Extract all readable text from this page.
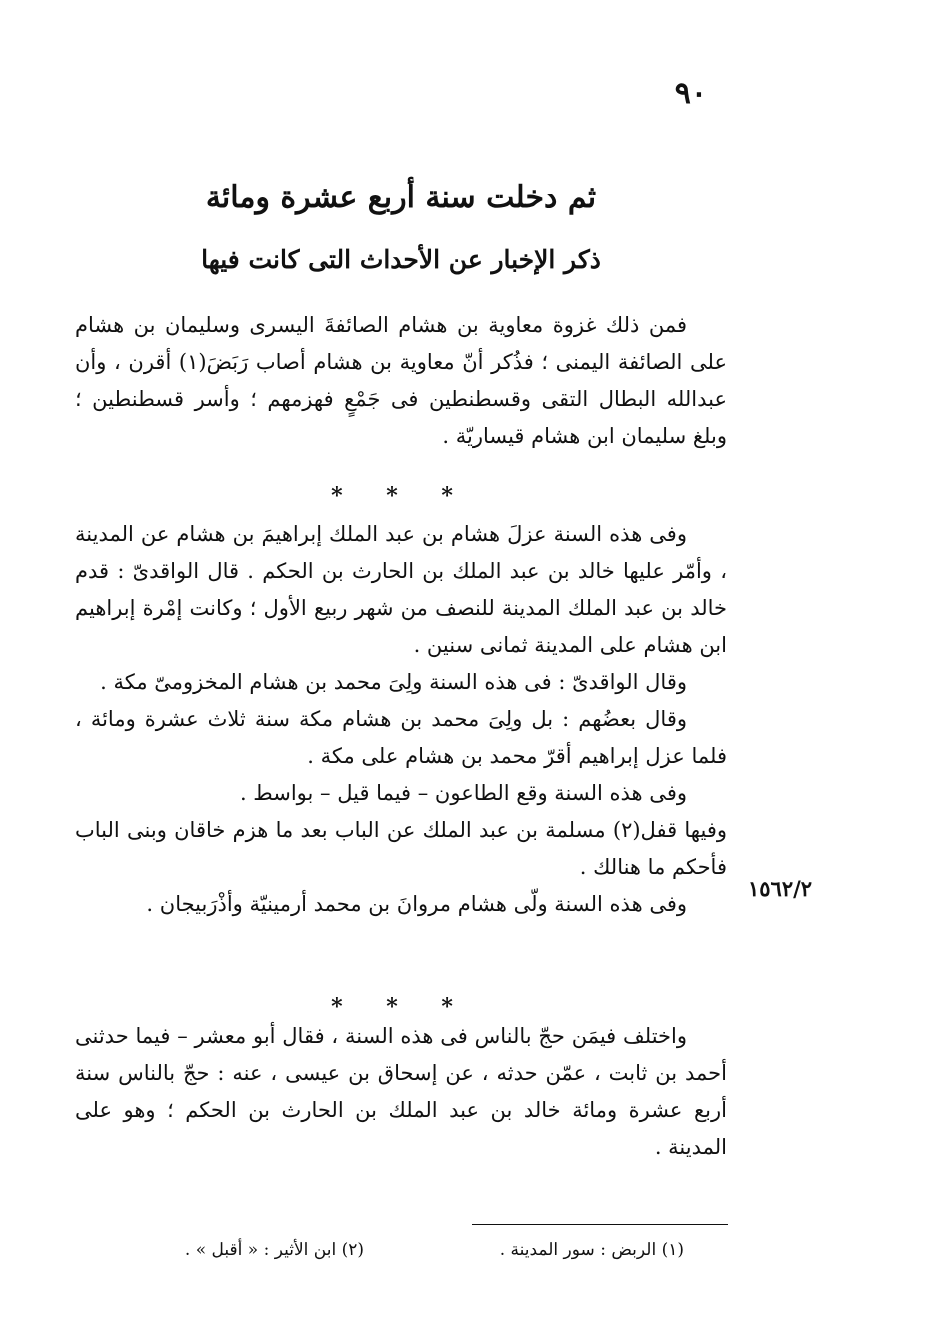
٩٠
ثم دخلت سنة أربع عشرة ومائة
ذكر الإخبار عن الأحداث التى كانت فيها

فمن ذلك غزوة معاوية بن هشام الصائفةَ اليسرى وسليمان بن هشام على الصائفة اليمنى ؛ فذُكر أنّ معاوية بن هشام أصاب رَبَضَ(١) أقرن ، وأن عبدالله البطال التقى وقسطنطين فى جَمْعٍ فهزمهم ؛ وأسر قسطنطين ؛ وبلغ سليمان ابن هشام قيساريّة .

* * *

وفى هذه السنة عزلَ هشام بن عبد الملك إبراهيمَ بن هشام عن المدينة ، وأمّر عليها خالد بن عبد الملك بن الحارث بن الحكم . قال الواقدىّ : قدم خالد بن عبد الملك المدينة للنصف من شهر ربيع الأول ؛ وكانت إمْرة إبراهيم ابن هشام على المدينة ثمانى سنين .

وقال الواقدىّ : فى هذه السنة ولِىَ محمد بن هشام المخزومىّ مكة .

وقال بعضُهم : بل ولِىَ محمد بن هشام مكة سنة ثلاث عشرة ومائة ، فلما عزل إبراهيم أقرّ محمد بن هشام على مكة .

وفى هذه السنة وقع الطاعون – فيما قيل – بواسط .

وفيها قفل(٢) مسلمة بن عبد الملك عن الباب بعد ما هزم خاقان وبنى الباب فأحكم ما هنالك .

وفى هذه السنة ولّى هشام مروانَ بن محمد أرمينيّة وأذْرَبيجان .

* * *

واختلف فيمَن حجّ بالناس فى هذه السنة ، فقال أبو معشر – فيما حدثنى أحمد بن ثابت ، عمّن حدثه ، عن إسحاق بن عيسى ، عنه : حجّ بالناس سنة أربع عشرة ومائة خالد بن عبد الملك بن الحارث بن الحكم ؛ وهو على المدينة .

١٥٦٢/٢
(١) الربض : سور المدينة .
(٢) ابن الأثير : « أقبل » .
